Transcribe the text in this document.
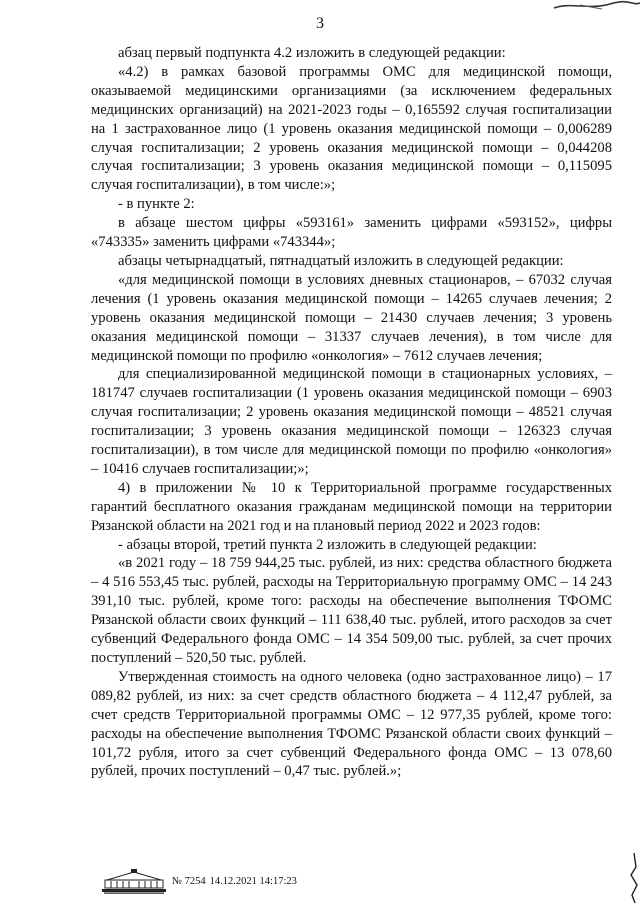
3

абзац первый подпункта 4.2 изложить в следующей редакции:

«4.2) в рамках базовой программы ОМС для медицинской помощи, оказываемой медицинскими организациями (за исключением федеральных медицинских организаций) на 2021-2023 годы – 0,165592 случая госпитализации на 1 застрахованное лицо (1 уровень оказания медицинской помощи – 0,006289 случая госпитализации; 2 уровень оказания медицинской помощи – 0,044208 случая госпитализации; 3 уровень оказания медицинской помощи – 0,115095 случая госпитализации), в том числе:»;

- в пункте 2:

в абзаце шестом цифры «593161» заменить цифрами «593152», цифры «743335» заменить цифрами «743344»;

абзацы четырнадцатый, пятнадцатый изложить в следующей редакции:

«для медицинской помощи в условиях дневных стационаров, – 67032 случая лечения (1 уровень оказания медицинской помощи – 14265 случаев лечения; 2 уровень оказания медицинской помощи – 21430 случаев лечения; 3 уровень оказания медицинской помощи – 31337 случаев лечения), в том числе для медицинской помощи по профилю «онкология» – 7612 случаев лечения;

для специализированной медицинской помощи в стационарных условиях, – 181747 случаев госпитализации (1 уровень оказания медицинской помощи – 6903 случая госпитализации; 2 уровень оказания медицинской помощи – 48521 случая госпитализации; 3 уровень оказания медицинской помощи – 126323 случая госпитализации), в том числе для медицинской помощи по профилю «онкология» – 10416 случаев госпитализации;»;

4) в приложении № 10 к Территориальной программе государственных гарантий бесплатного оказания гражданам медицинской помощи на территории Рязанской области на 2021 год и на плановый период 2022 и 2023 годов:

- абзацы второй, третий пункта 2 изложить в следующей редакции:

«в 2021 году – 18 759 944,25 тыс. рублей, из них: средства областного бюджета – 4 516 553,45 тыс. рублей, расходы на Территориальную программу ОМС – 14 243 391,10 тыс. рублей, кроме того: расходы на обеспечение выполнения ТФОМС Рязанской области своих функций – 111 638,40 тыс. рублей, итого расходов за счет субвенций Федерального фонда ОМС – 14 354 509,00 тыс. рублей, за счет прочих поступлений – 520,50 тыс. рублей.

Утвержденная стоимость на одного человека (одно застрахованное лицо) – 17 089,82 рублей, из них: за счет средств областного бюджета – 4 112,47 рублей, за счет средств Территориальной программы ОМС – 12 977,35 рублей, кроме того: расходы на обеспечение выполнения ТФОМС Рязанской области своих функций – 101,72 рубля, итого за счет субвенций Федерального фонда ОМС – 13 078,60 рублей, прочих поступлений – 0,47 тыс. рублей.»;

№ 7254 14.12.2021 14:17:23
